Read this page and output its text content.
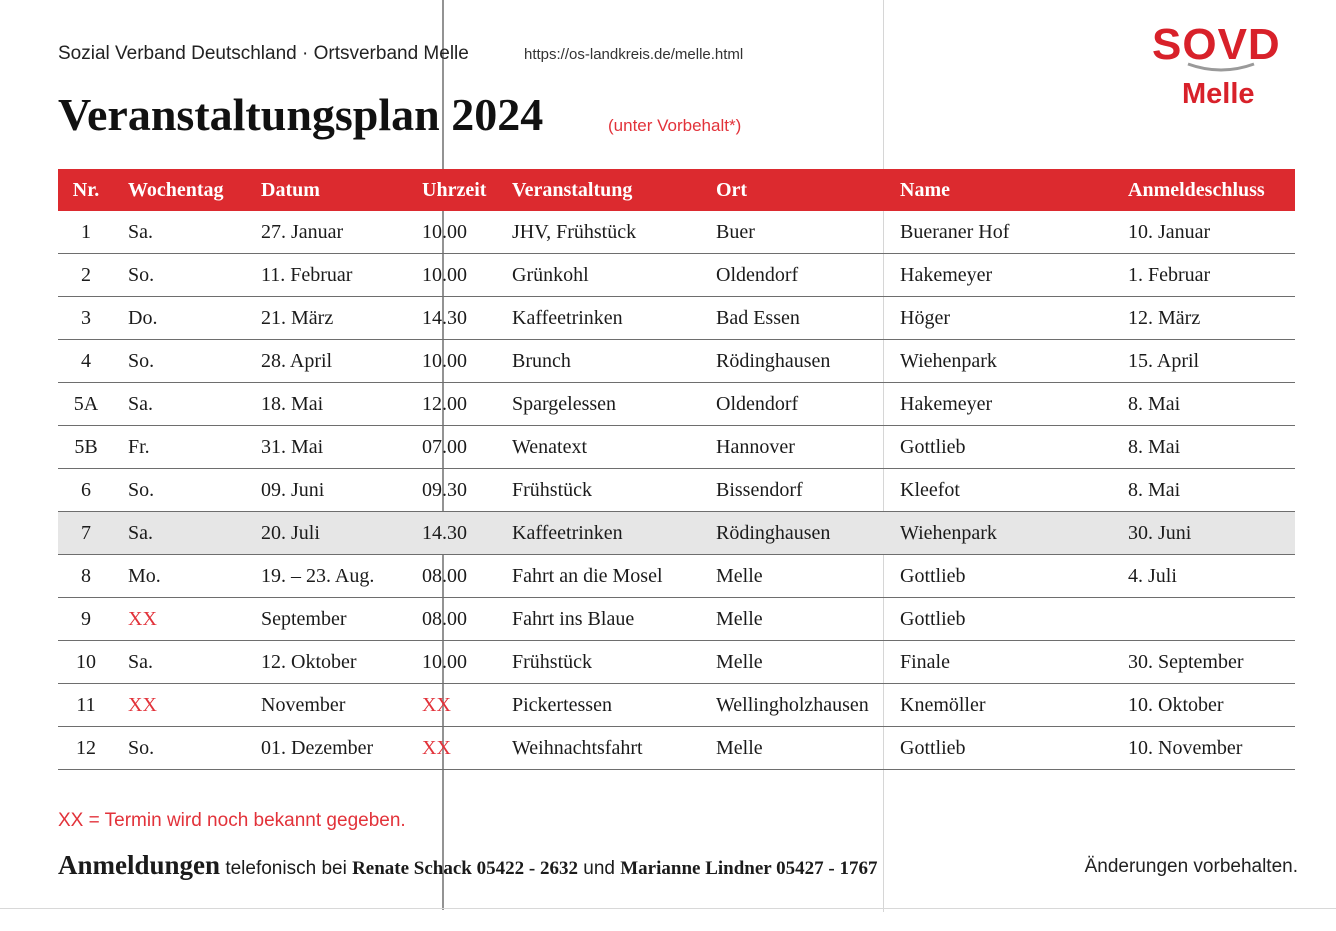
Sozial Verband Deutschland · Ortsverband Melle	https://os-landkreis.de/melle.html
Veranstaltungsplan 2024	(unter Vorbehalt*)
SOVD
Melle
Nr.	Wochentag	Datum	Uhrzeit	Veranstaltung	Ort	Name	Anmeldeschluss
1	Sa.	27. Januar	10.00	JHV, Frühstück	Buer	Bueraner Hof	10. Januar
2	So.	11. Februar	10.00	Grünkohl	Oldendorf	Hakemeyer	1. Februar
3	Do.	21. März	14.30	Kaffeetrinken	Bad Essen	Höger	12. März
4	So.	28. April	10.00	Brunch	Rödinghausen	Wiehenpark	15. April
5A	Sa.	18. Mai	12.00	Spargelessen	Oldendorf	Hakemeyer	8. Mai
5B	Fr.	31. Mai	07.00	Wenatext	Hannover	Gottlieb	8. Mai
6	So.	09. Juni	09.30	Frühstück	Bissendorf	Kleefot	8. Mai
7	Sa.	20. Juli	14.30	Kaffeetrinken	Rödinghausen	Wiehenpark	30. Juni
8	Mo.	19. – 23. Aug.	08.00	Fahrt an die Mosel	Melle	Gottlieb	4. Juli
9	XX	September	08.00	Fahrt ins Blaue	Melle	Gottlieb	
10	Sa.	12. Oktober	10.00	Frühstück	Melle	Finale	30. September
11	XX	November	XX	Pickertessen	Wellingholzhausen	Knemöller	10. Oktober
12	So.	01. Dezember	XX	Weihnachtsfahrt	Melle	Gottlieb	10. November
XX = Termin wird noch bekannt gegeben.
Anmeldungen telefonisch bei Renate Schack 05422 - 2632 und Marianne Lindner 05427 - 1767	Änderungen vorbehalten.
